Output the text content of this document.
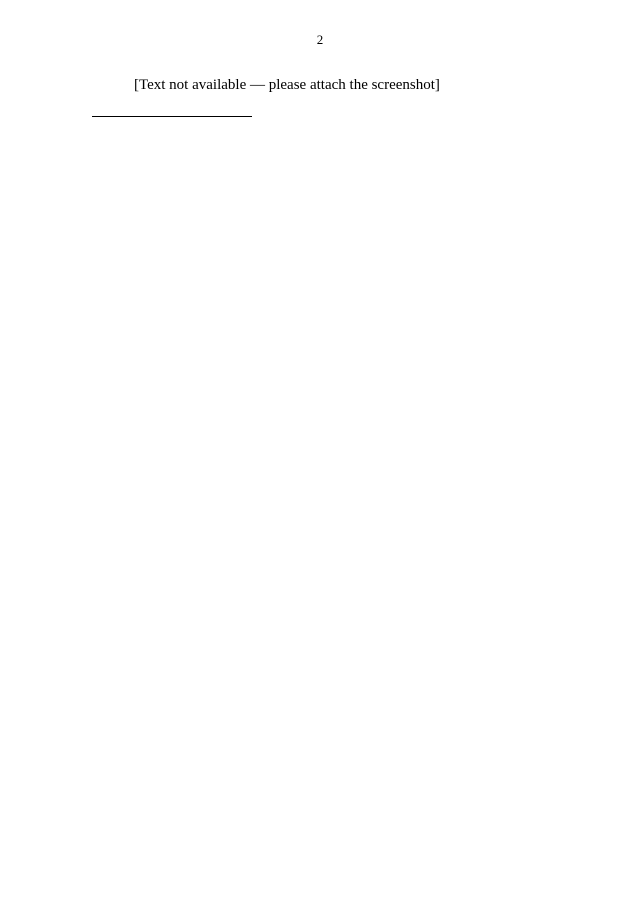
2

[Text not available — please attach the screenshot]
